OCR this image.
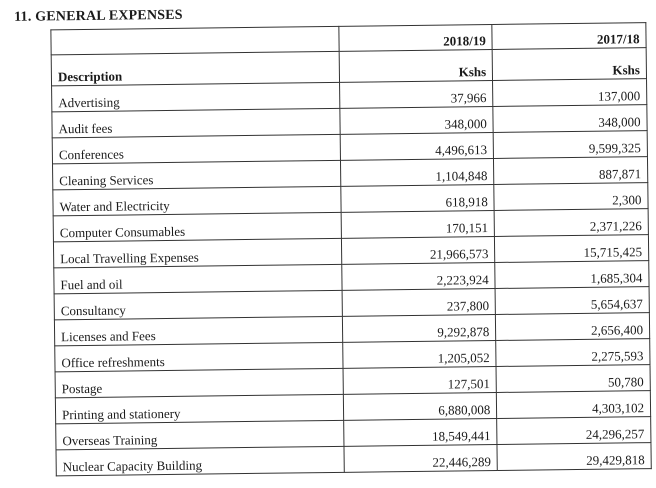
11. GENERAL EXPENSES
	2018/19	2017/18
Description	Kshs	Kshs
Advertising	37,966	137,000
Audit fees	348,000	348,000
Conferences	4,496,613	9,599,325
Cleaning Services	1,104,848	887,871
Water and Electricity	618,918	2,300
Computer Consumables	170,151	2,371,226
Local Travelling Expenses	21,966,573	15,715,425
Fuel and oil	2,223,924	1,685,304
Consultancy	237,800	5,654,637
Licenses and Fees	9,292,878	2,656,400
Office refreshments	1,205,052	2,275,593
Postage	127,501	50,780
Printing and stationery	6,880,008	4,303,102
Overseas Training	18,549,441	24,296,257
Nuclear Capacity Building	22,446,289	29,429,818
